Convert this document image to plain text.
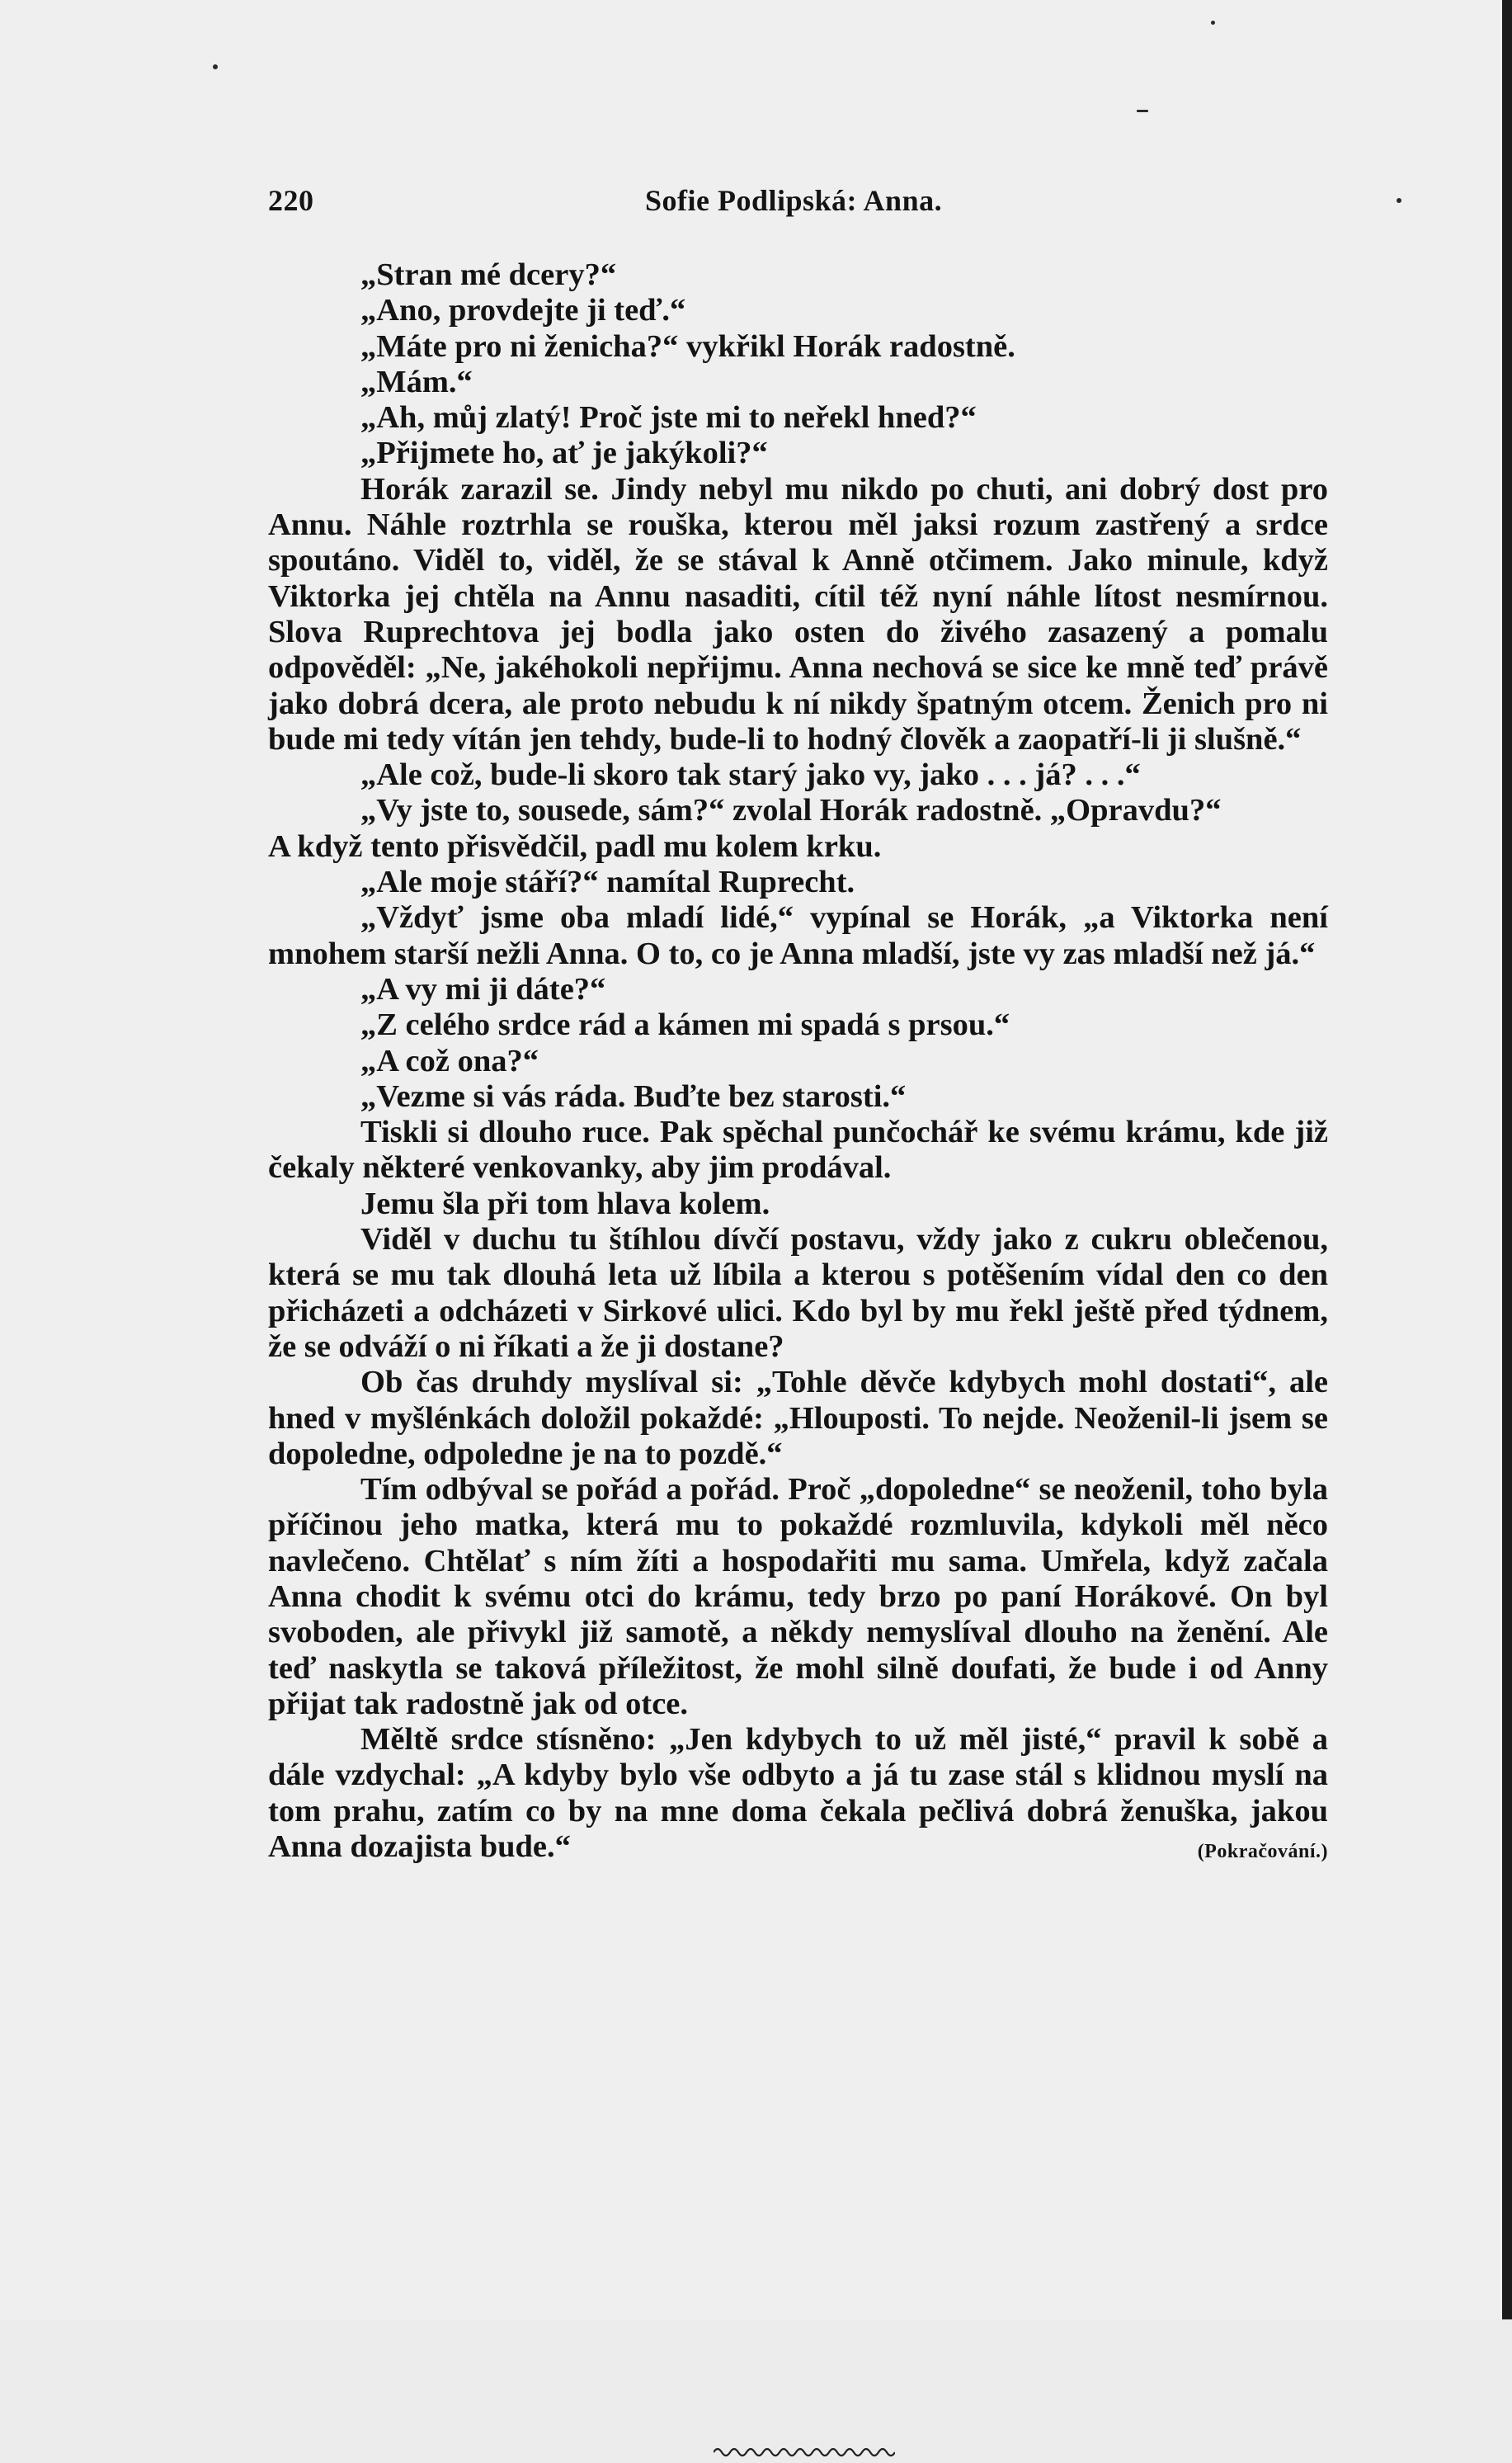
220	Sofie Podlipská: Anna.

„Stran mé dcery?“

„Ano, provdejte ji teď.“

„Máte pro ni ženicha?“ vykřikl Horák radostně.

„Mám.“

„Ah, můj zlatý! Proč jste mi to neřekl hned?“

„Přijmete ho, ať je jakýkoli?“

Horák zarazil se. Jindy nebyl mu nikdo po chuti, ani dobrý dost pro Annu. Náhle roztrhla se rouška, kterou měl jaksi rozum zastřený a srdce spoutáno. Viděl to, viděl, že se stával k Anně otčimem. Jako minule, když Viktorka jej chtěla na Annu nasaditi, cítil též nyní náhle lítost nesmírnou. Slova Ruprechtova jej bodla jako osten do živého zasazený a pomalu odpověděl: „Ne, jakéhokoli nepřijmu. Anna nechová se sice ke mně teď právě jako dobrá dcera, ale proto nebudu k ní nikdy špatným otcem. Ženich pro ni bude mi tedy vítán jen tehdy, bude-li to hodný člověk a zaopatří-li ji slušně.“

„Ale což, bude-li skoro tak starý jako vy, jako . . . já? . . .“

„Vy jste to, sousede, sám?“ zvolal Horák radostně. „Opravdu?“

A když tento přisvědčil, padl mu kolem krku.

„Ale moje stáří?“ namítal Ruprecht.

„Vždyť jsme oba mladí lidé,“ vypínal se Horák, „a Viktorka není mnohem starší nežli Anna. O to, co je Anna mladší, jste vy zas mladší než já.“

„A vy mi ji dáte?“

„Z celého srdce rád a kámen mi spadá s prsou.“

„A což ona?“

„Vezme si vás ráda. Buďte bez starosti.“

Tiskli si dlouho ruce. Pak spěchal punčochář ke svému krámu, kde již čekaly některé venkovanky, aby jim prodával.

Jemu šla při tom hlava kolem.

Viděl v duchu tu štíhlou dívčí postavu, vždy jako z cukru oblečenou, která se mu tak dlouhá leta už líbila a kterou s potěšením vídal den co den přicházeti a odcházeti v Sirkové ulici. Kdo byl by mu řekl ještě před týdnem, že se odváží o ni říkati a že ji dostane?

Ob čas druhdy myslíval si: „Tohle děvče kdybych mohl dostati“, ale hned v myšlénkách doložil pokaždé: „Hlouposti. To nejde. Neoženil-li jsem se dopoledne, odpoledne je na to pozdě.“

Tím odbýval se pořád a pořád. Proč „dopoledne“ se neoženil, toho byla příčinou jeho matka, která mu to pokaždé rozmluvila, kdykoli měl něco navlečeno. Chtělať s ním žíti a hospodařiti mu sama. Umřela, když začala Anna chodit k svému otci do krámu, tedy brzo po paní Horákové. On byl svoboden, ale přivykl již samotě, a někdy nemyslíval dlouho na ženění. Ale teď naskytla se taková příležitost, že mohl silně doufati, že bude i od Anny přijat tak radostně jak od otce.

Měltě srdce stísněno: „Jen kdybych to už měl jisté,“ pravil k sobě a dále vzdychal: „A kdyby bylo vše odbyto a já tu zase stál s klidnou myslí na tom prahu, zatím co by na mne doma čekala pečlivá dobrá ženuška, jakou Anna dozajista bude.“	(Pokračování.)
